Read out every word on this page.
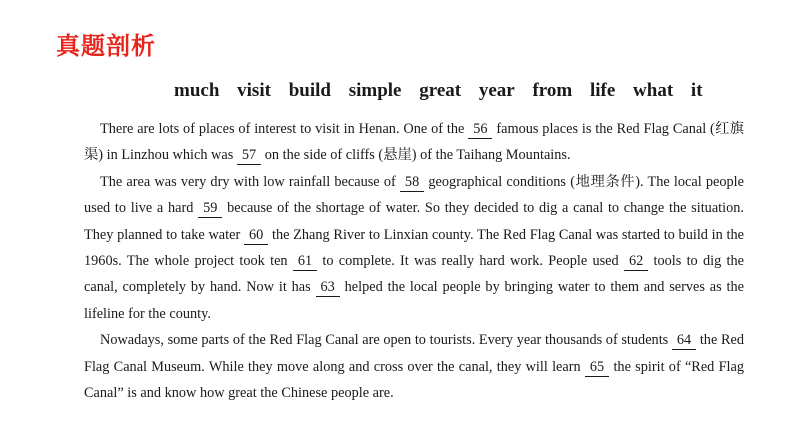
真题剖析
much visit build simple great year from life what it

There are lots of places of interest to visit in Henan. One of the 56 famous places is the Red Flag Canal (红旗渠) in Linzhou which was 57 on the side of cliffs (悬崖) of the Taihang Mountains.

The area was very dry with low rainfall because of 58 geographical conditions (地理条件). The local people used to live a hard 59 because of the shortage of water. So they decided to dig a canal to change the situation. They planned to take water 60 the Zhang River to Linxian county. The Red Flag Canal was started to build in the 1960s. The whole project took ten 61 to complete. It was really hard work. People used 62 tools to dig the canal, completely by hand. Now it has 63 helped the local people by bringing water to them and serves as the lifeline for the county.

Nowadays, some parts of the Red Flag Canal are open to tourists. Every year thousands of students 64 the Red Flag Canal Museum. While they move along and cross over the canal, they will learn 65 the spirit of “Red Flag Canal” is and know how great the Chinese people are.
